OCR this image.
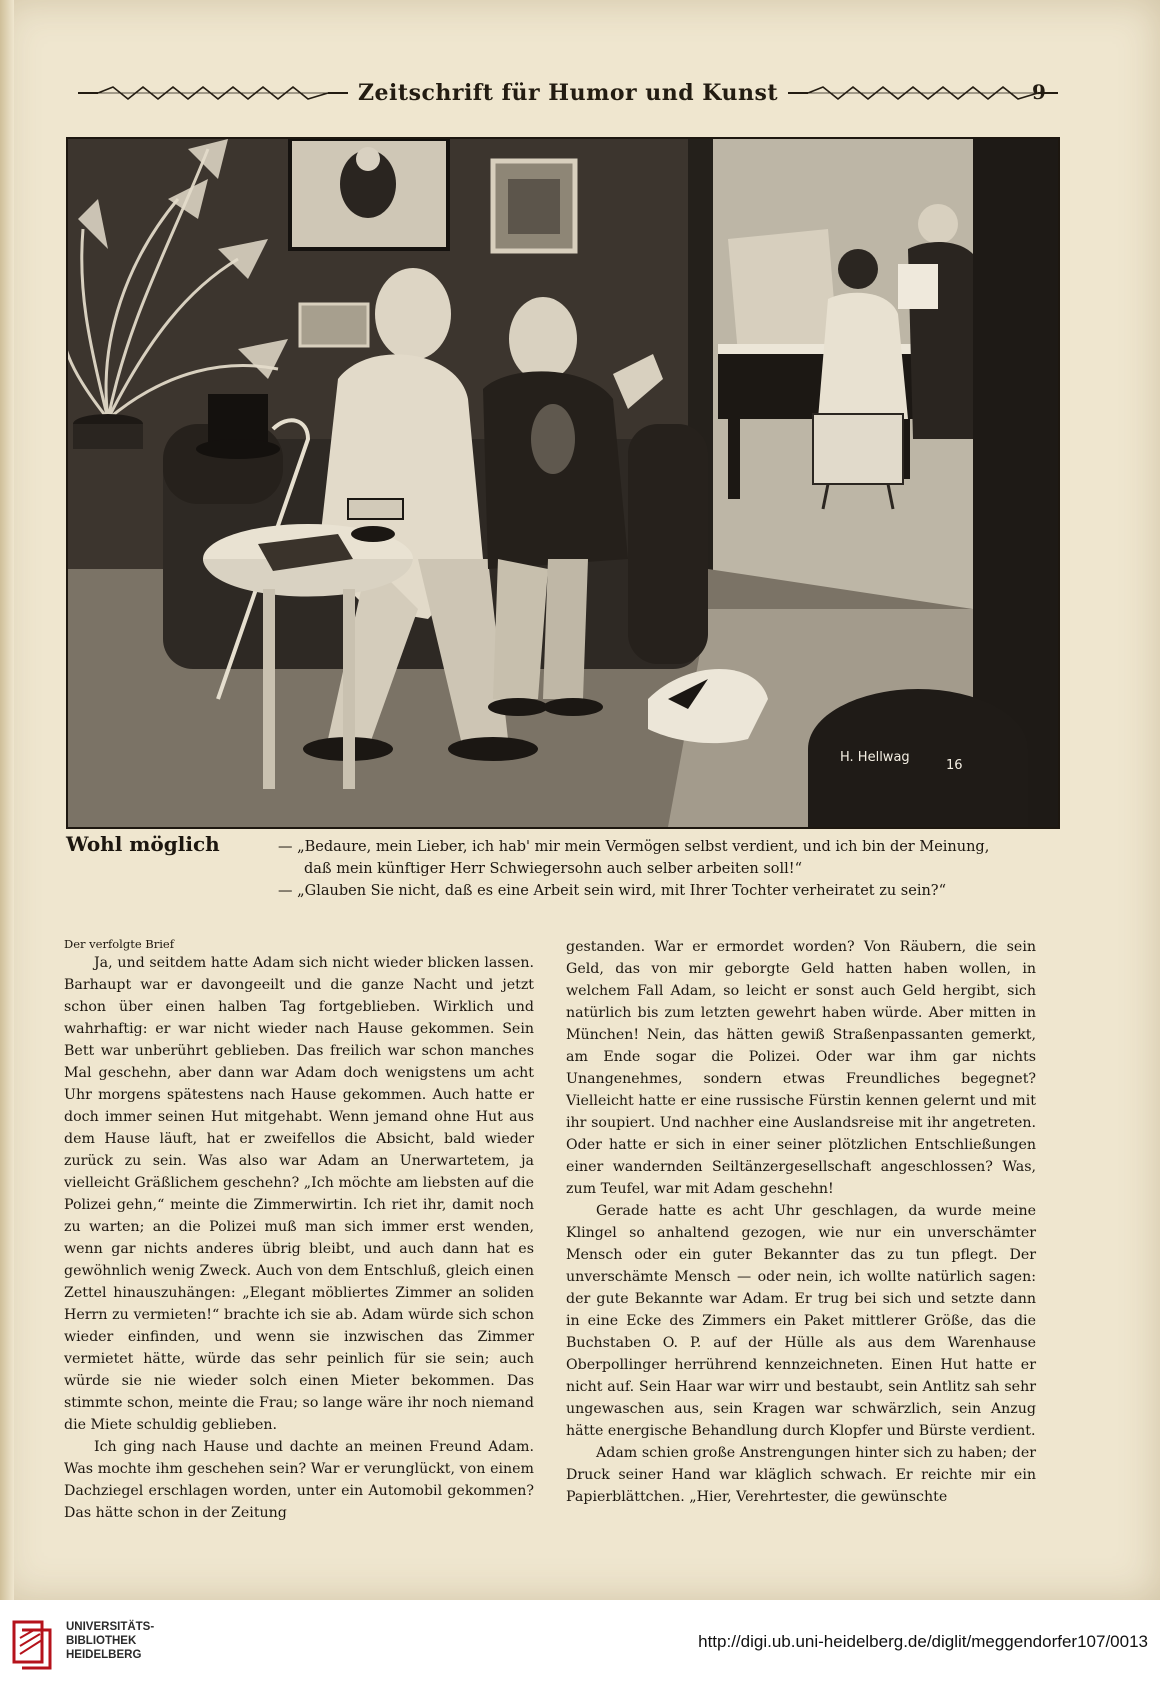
Zeitschrift für Humor und Kunst	9
H. Hellwag
16
Wohl möglich	— „Bedaure, mein Lieber, ich hab' mir mein Vermögen selbst verdient, und ich bin der Meinung,

daß mein künftiger Herr Schwiegersohn auch selber arbeiten soll!“

— „Glauben Sie nicht, daß es eine Arbeit sein wird, mit Ihrer Tochter verheiratet zu sein?“

Der verfolgte Brief

Ja, und seitdem hatte Adam sich nicht wieder blicken lassen. Barhaupt war er davongeeilt und die ganze Nacht und jetzt schon über einen halben Tag fortgeblieben. Wirklich und wahrhaftig: er war nicht wieder nach Hause gekommen. Sein Bett war unberührt geblieben. Das freilich war schon manches Mal geschehn, aber dann war Adam doch wenigstens um acht Uhr morgens spätestens nach Hause gekommen. Auch hatte er doch immer seinen Hut mitgehabt. Wenn jemand ohne Hut aus dem Hause läuft, hat er zweifellos die Absicht, bald wieder zurück zu sein. Was also war Adam an Unerwartetem, ja vielleicht Gräßlichem geschehn? „Ich möchte am liebsten auf die Polizei gehn,“ meinte die Zimmerwirtin. Ich riet ihr, damit noch zu warten; an die Polizei muß man sich immer erst wenden, wenn gar nichts anderes übrig bleibt, und auch dann hat es gewöhnlich wenig Zweck. Auch von dem Entschluß, gleich einen Zettel hinauszuhängen: „Elegant möbliertes Zimmer an soliden Herrn zu vermieten!“ brachte ich sie ab. Adam würde sich schon wieder einfinden, und wenn sie inzwischen das Zimmer vermietet hätte, würde das sehr peinlich für sie sein; auch würde sie nie wieder solch einen Mieter bekommen. Das stimmte schon, meinte die Frau; so lange wäre ihr noch niemand die Miete schuldig geblieben.

Ich ging nach Hause und dachte an meinen Freund Adam. Was mochte ihm geschehen sein? War er verunglückt, von einem Dachziegel erschlagen worden, unter ein Automobil gekommen? Das hätte schon in der Zeitung

gestanden. War er ermordet worden? Von Räubern, die sein Geld, das von mir geborgte Geld hatten haben wollen, in welchem Fall Adam, so leicht er sonst auch Geld hergibt, sich natürlich bis zum letzten gewehrt haben würde. Aber mitten in München! Nein, das hätten gewiß Straßenpassanten gemerkt, am Ende sogar die Polizei. Oder war ihm gar nichts Unangenehmes, sondern etwas Freundliches begegnet? Vielleicht hatte er eine russische Fürstin kennen gelernt und mit ihr soupiert. Und nachher eine Auslandsreise mit ihr angetreten. Oder hatte er sich in einer seiner plötzlichen Entschließungen einer wandernden Seiltänzergesellschaft angeschlossen? Was, zum Teufel, war mit Adam geschehn!

Gerade hatte es acht Uhr geschlagen, da wurde meine Klingel so anhaltend gezogen, wie nur ein unverschämter Mensch oder ein guter Bekannter das zu tun pflegt. Der unverschämte Mensch — oder nein, ich wollte natürlich sagen: der gute Bekannte war Adam. Er trug bei sich und setzte dann in eine Ecke des Zimmers ein Paket mittlerer Größe, das die Buchstaben O. P. auf der Hülle als aus dem Warenhause Oberpollinger herrührend kennzeichneten. Einen Hut hatte er nicht auf. Sein Haar war wirr und bestaubt, sein Antlitz sah sehr ungewaschen aus, sein Kragen war schwärzlich, sein Anzug hätte energische Behandlung durch Klopfer und Bürste verdient.

Adam schien große Anstrengungen hinter sich zu haben; der Druck seiner Hand war kläglich schwach. Er reichte mir ein Papierblättchen. „Hier, Verehrtester, die gewünschte

UNIVERSITÄTS-
BIBLIOTHEK
HEIDELBERG
http://digi.ub.uni-heidelberg.de/diglit/meggendorfer107/0013
